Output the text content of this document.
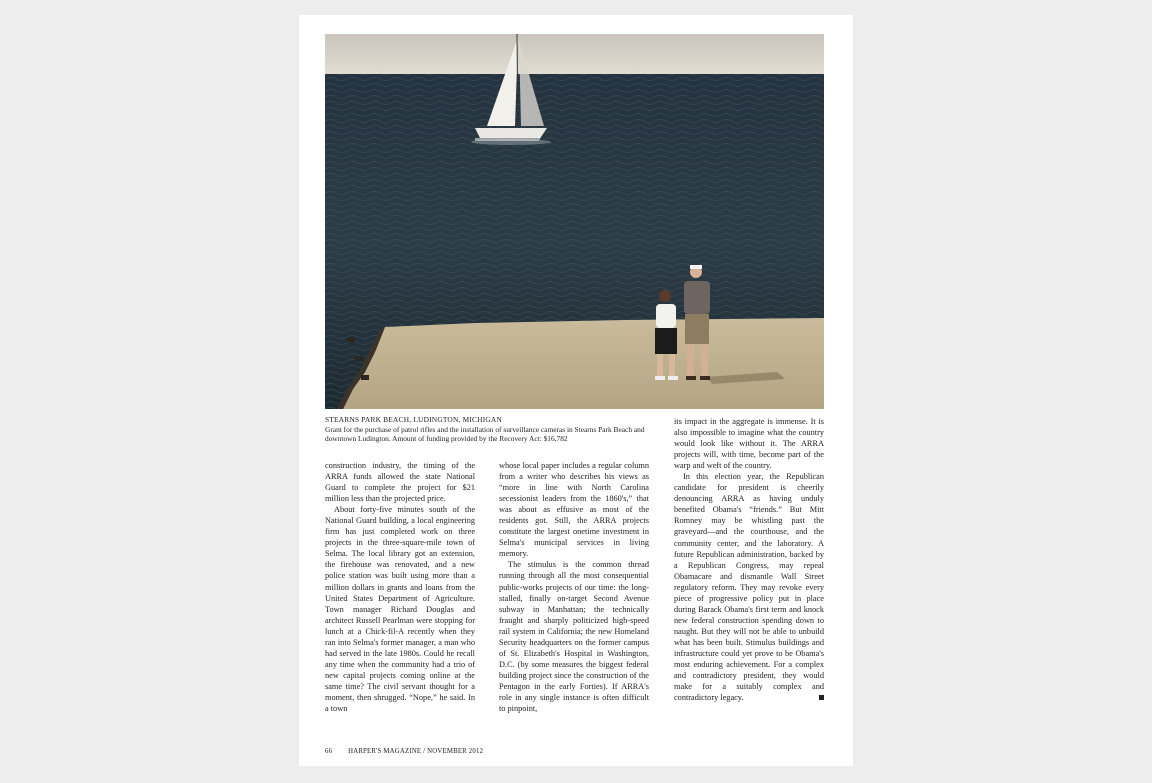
STEARNS PARK BEACH, LUDINGTON, MICHIGAN
Grant for the purchase of patrol rifles and the installation of surveillance cameras in Stearns Park Beach and downtown Ludington. Amount of funding provided by the Recovery Act: $16,782

construction industry, the timing of the ARRA funds allowed the state National Guard to complete the project for $21 million less than the projected price.

About forty-five minutes south of the National Guard building, a local engineering firm has just completed work on three projects in the three-square-mile town of Selma. The local library got an extension, the firehouse was renovated, and a new police station was built using more than a million dollars in grants and loans from the United States Department of Agriculture. Town manager Richard Douglas and architect Russell Pearlman were stopping for lunch at a Chick-fil-A recently when they ran into Selma's former manager, a man who had served in the late 1980s. Could he recall any time when the community had a trio of new capital projects coming online at the same time? The civil servant thought for a moment, then shrugged. “Nope,” he said. In a town

whose local paper includes a regular column from a writer who describes his views as “more in line with North Carolina secessionist leaders from the 1860's,” that was about as effusive as most of the residents got. Still, the ARRA projects constitute the largest onetime investment in Selma's municipal services in living memory.

The stimulus is the common thread running through all the most consequential public-works projects of our time: the long-stalled, finally on-target Second Avenue subway in Manhattan; the technically fraught and sharply politicized high-speed rail system in California; the new Homeland Security headquarters on the former campus of St. Elizabeth's Hospital in Washington, D.C. (by some measures the biggest federal building project since the construction of the Pentagon in the early Forties). If ARRA's role in any single instance is often difficult to pinpoint,

its impact in the aggregate is immense. It is also impossible to imagine what the country would look like without it. The ARRA projects will, with time, become part of the warp and weft of the country.

In this election year, the Republican candidate for president is cheerily denouncing ARRA as having unduly benefited Obama's “friends.” But Mitt Romney may be whistling past the graveyard—and the courthouse, and the community center, and the laboratory. A future Republican administration, backed by a Republican Congress, may repeal Obamacare and dismantle Wall Street regulatory reform. They may revoke every piece of progressive policy put in place during Barack Obama's first term and knock new federal construction spending down to naught. But they will not be able to unbuild what has been built. Stimulus buildings and infrastructure could yet prove to be Obama's most enduring achievement. For a complex and contradictory president, they would make for a suitably complex and contradictory legacy.

66 HARPER'S MAGAZINE / NOVEMBER 2012
